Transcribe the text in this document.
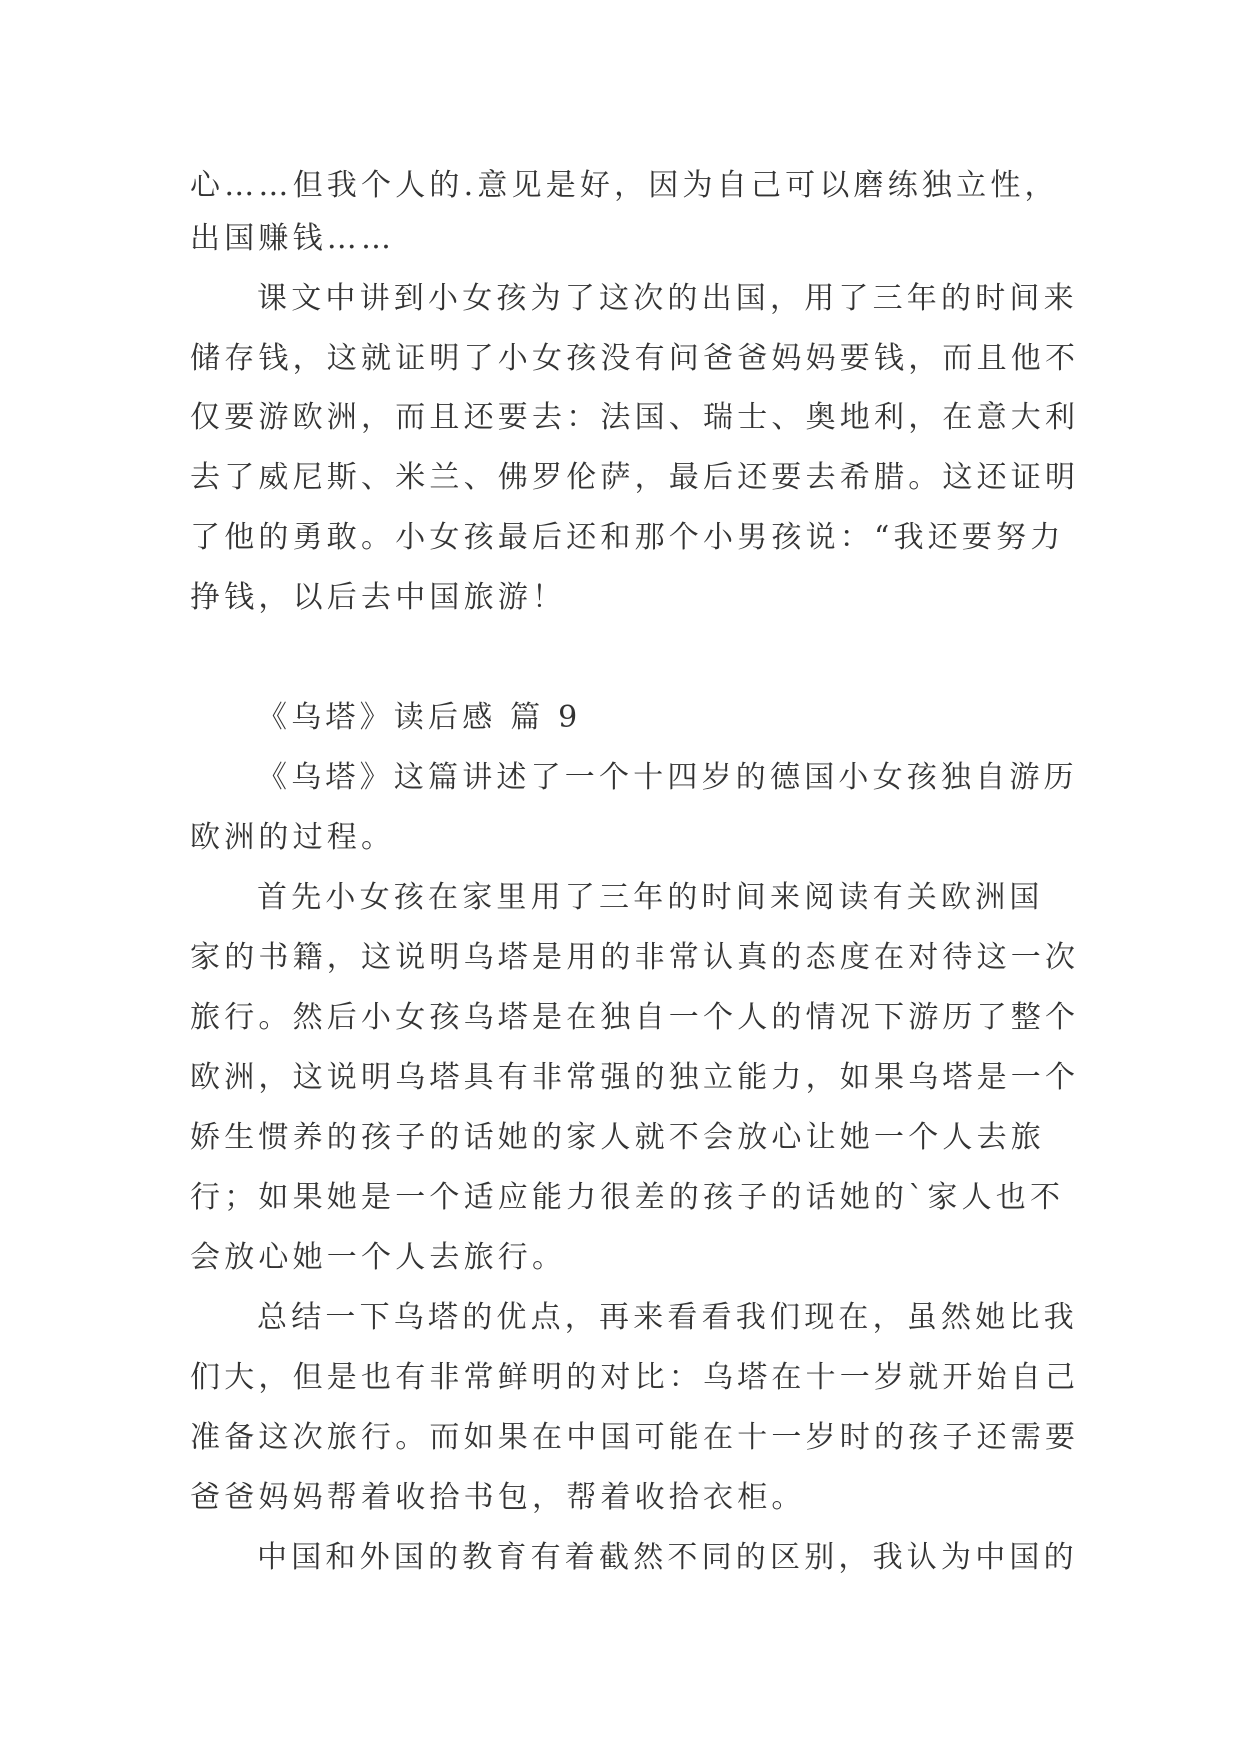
心……但我个人的.意见是好，因为自己可以磨练独立性，
出国赚钱……
课文中讲到小女孩为了这次的出国，用了三年的时间来
储存钱，这就证明了小女孩没有问爸爸妈妈要钱，而且他不
仅要游欧洲，而且还要去：法国、瑞士、奥地利，在意大利
去了威尼斯、米兰、佛罗伦萨，最后还要去希腊。这还证明
了他的勇敢。小女孩最后还和那个小男孩说：“我还要努力
挣钱，以后去中国旅游！
《乌塔》读后感 篇 9
《乌塔》这篇讲述了一个十四岁的德国小女孩独自游历
欧洲的过程。
首先小女孩在家里用了三年的时间来阅读有关欧洲国
家的书籍，这说明乌塔是用的非常认真的态度在对待这一次
旅行。然后小女孩乌塔是在独自一个人的情况下游历了整个
欧洲，这说明乌塔具有非常强的独立能力，如果乌塔是一个
娇生惯养的孩子的话她的家人就不会放心让她一个人去旅
行；如果她是一个适应能力很差的孩子的话她的`家人也不
会放心她一个人去旅行。
总结一下乌塔的优点，再来看看我们现在，虽然她比我
们大，但是也有非常鲜明的对比：乌塔在十一岁就开始自己
准备这次旅行。而如果在中国可能在十一岁时的孩子还需要
爸爸妈妈帮着收拾书包，帮着收拾衣柜。
中国和外国的教育有着截然不同的区别，我认为中国的
